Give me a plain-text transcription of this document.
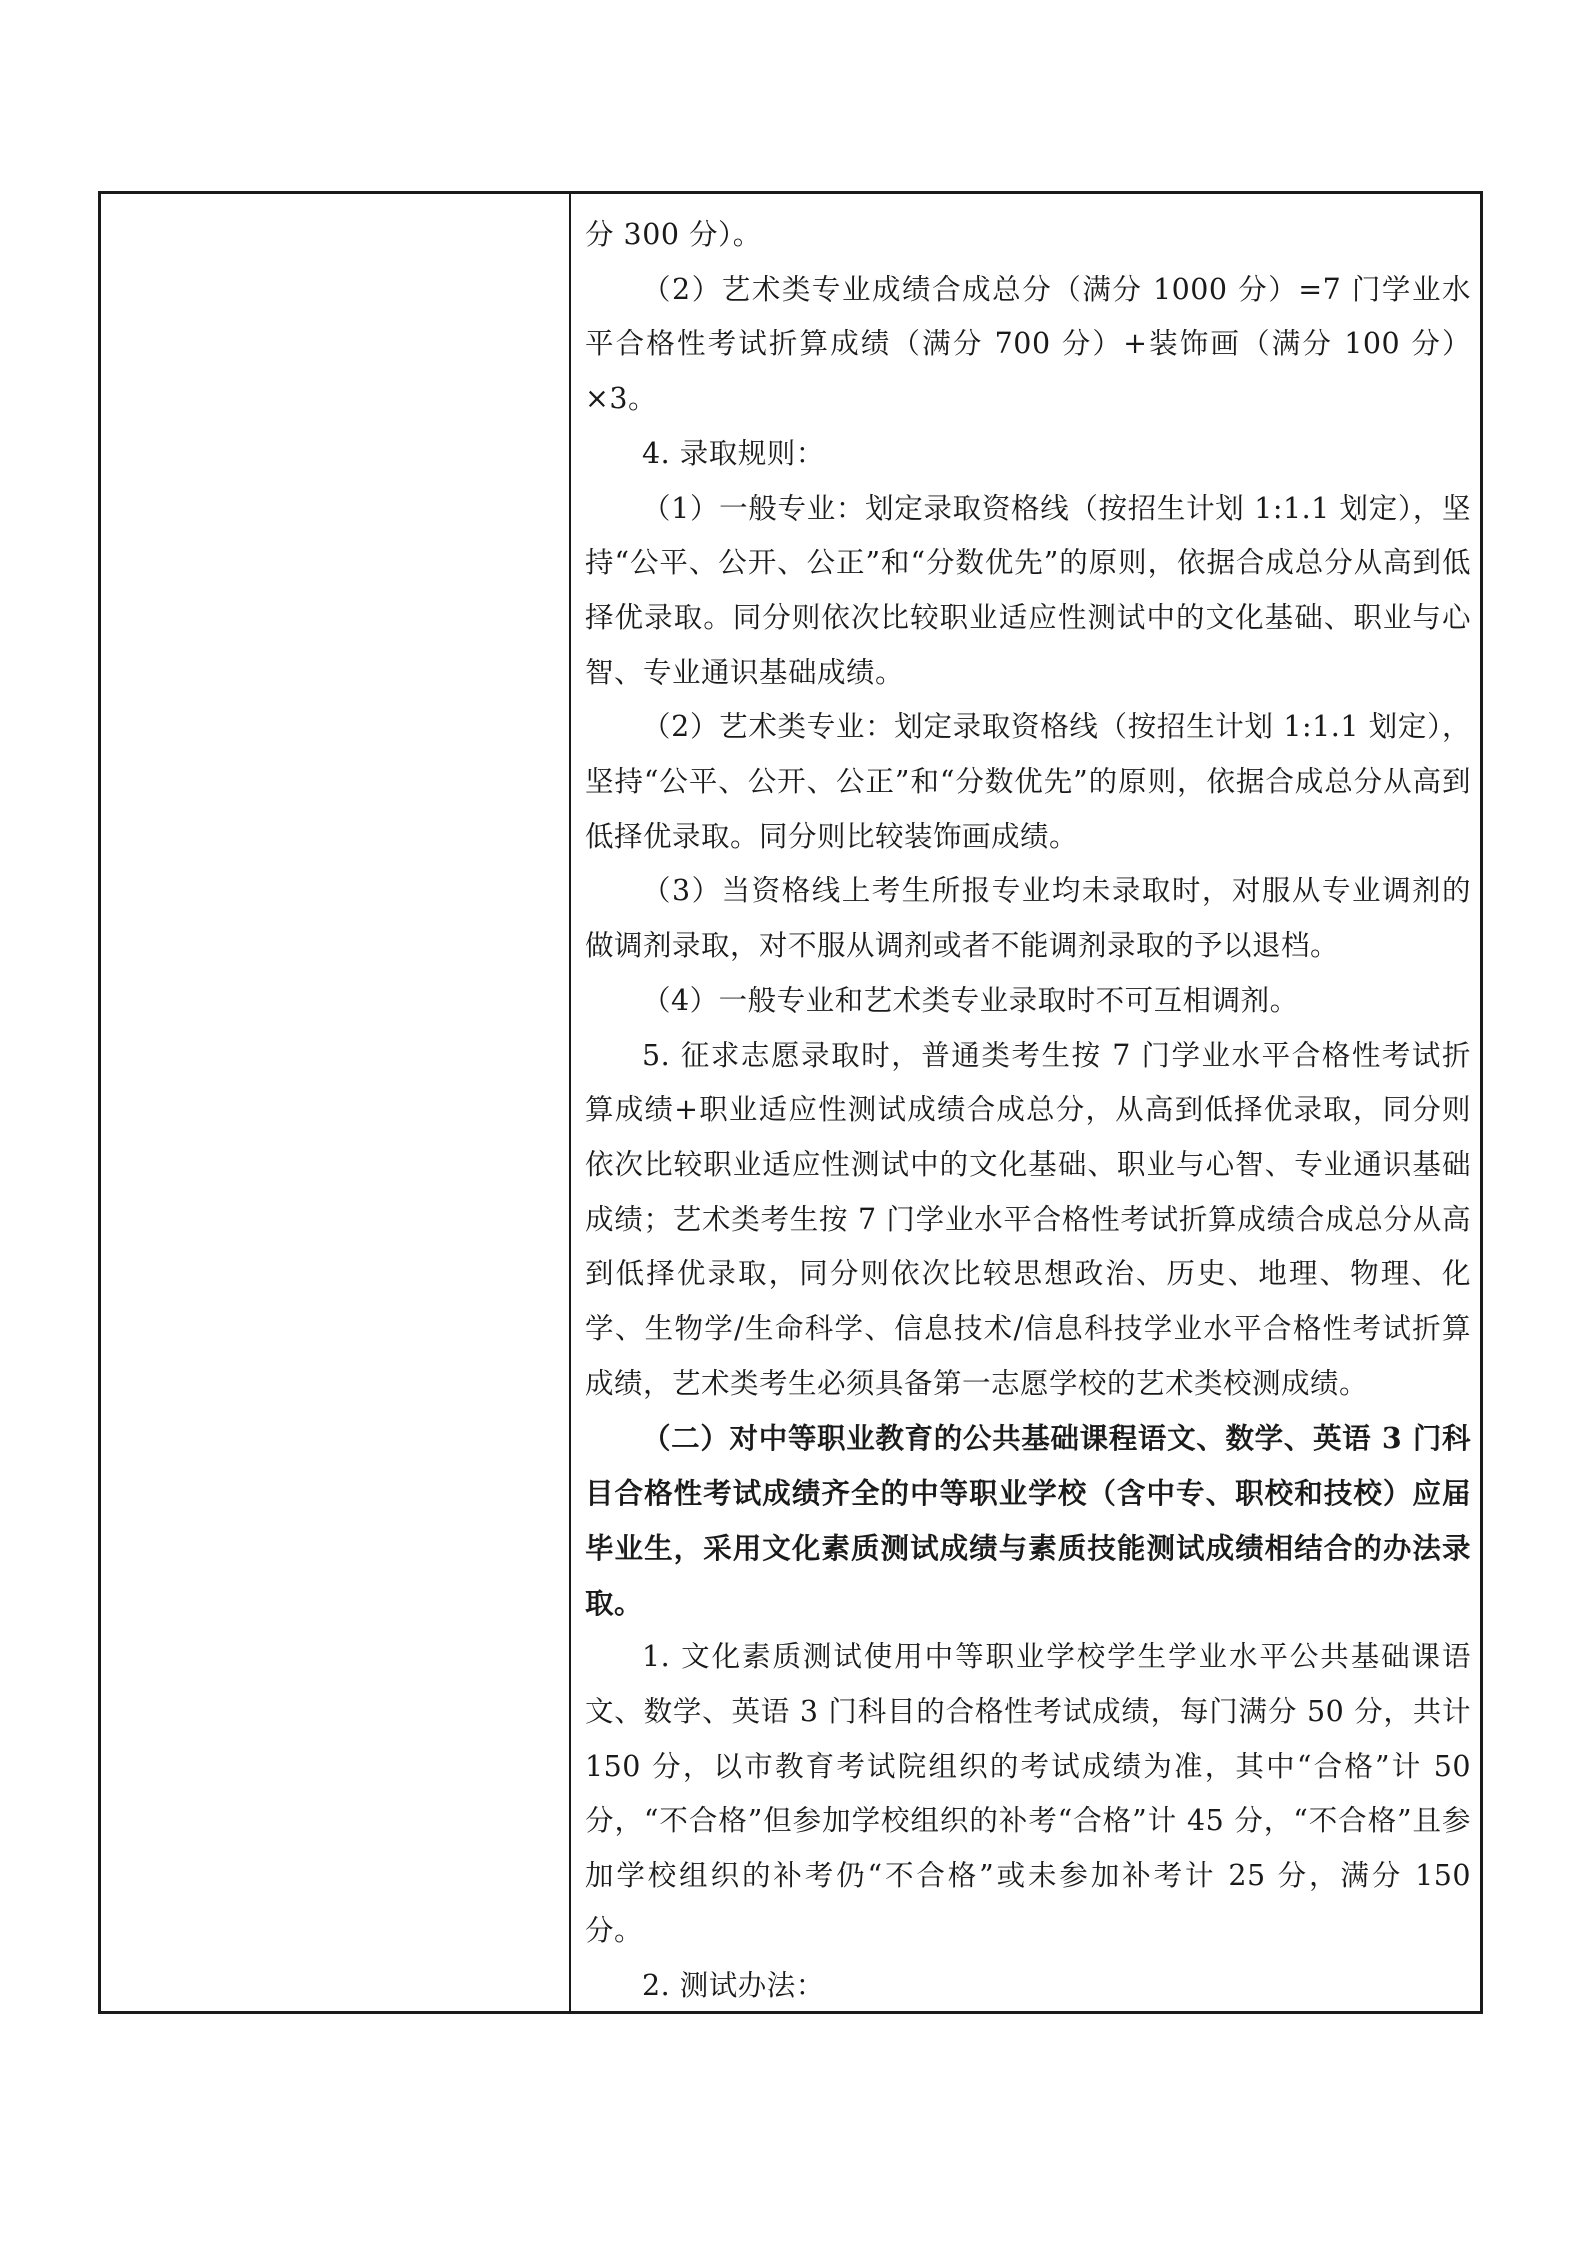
分 300 分）。

（2）艺术类专业成绩合成总分（满分 1000 分）=7 门学业水平合格性考试折算成绩（满分 700 分）+装饰画（满分 100 分）×3。

4. 录取规则：

（1）一般专业：划定录取资格线（按招生计划 1:1.1 划定），坚持“公平、公开、公正”和“分数优先”的原则，依据合成总分从高到低择优录取。同分则依次比较职业适应性测试中的文化基础、职业与心智、专业通识基础成绩。

（2）艺术类专业：划定录取资格线（按招生计划 1:1.1 划定），坚持“公平、公开、公正”和“分数优先”的原则，依据合成总分从高到低择优录取。同分则比较装饰画成绩。

（3）当资格线上考生所报专业均未录取时，对服从专业调剂的做调剂录取，对不服从调剂或者不能调剂录取的予以退档。

（4）一般专业和艺术类专业录取时不可互相调剂。

5. 征求志愿录取时，普通类考生按 7 门学业水平合格性考试折算成绩+职业适应性测试成绩合成总分，从高到低择优录取，同分则依次比较职业适应性测试中的文化基础、职业与心智、专业通识基础成绩；艺术类考生按 7 门学业水平合格性考试折算成绩合成总分从高到低择优录取，同分则依次比较思想政治、历史、地理、物理、化学、生物学/生命科学、信息技术/信息科技学业水平合格性考试折算成绩，艺术类考生必须具备第一志愿学校的艺术类校测成绩。

（二）对中等职业教育的公共基础课程语文、数学、英语 3 门科目合格性考试成绩齐全的中等职业学校（含中专、职校和技校）应届毕业生，采用文化素质测试成绩与素质技能测试成绩相结合的办法录取。

1. 文化素质测试使用中等职业学校学生学业水平公共基础课语文、数学、英语 3 门科目的合格性考试成绩，每门满分 50 分，共计 150 分，以市教育考试院组织的考试成绩为准，其中“合格”计 50 分，“不合格”但参加学校组织的补考“合格”计 45 分，“不合格”且参加学校组织的补考仍“不合格”或未参加补考计 25 分，满分 150 分。

2. 测试办法：
